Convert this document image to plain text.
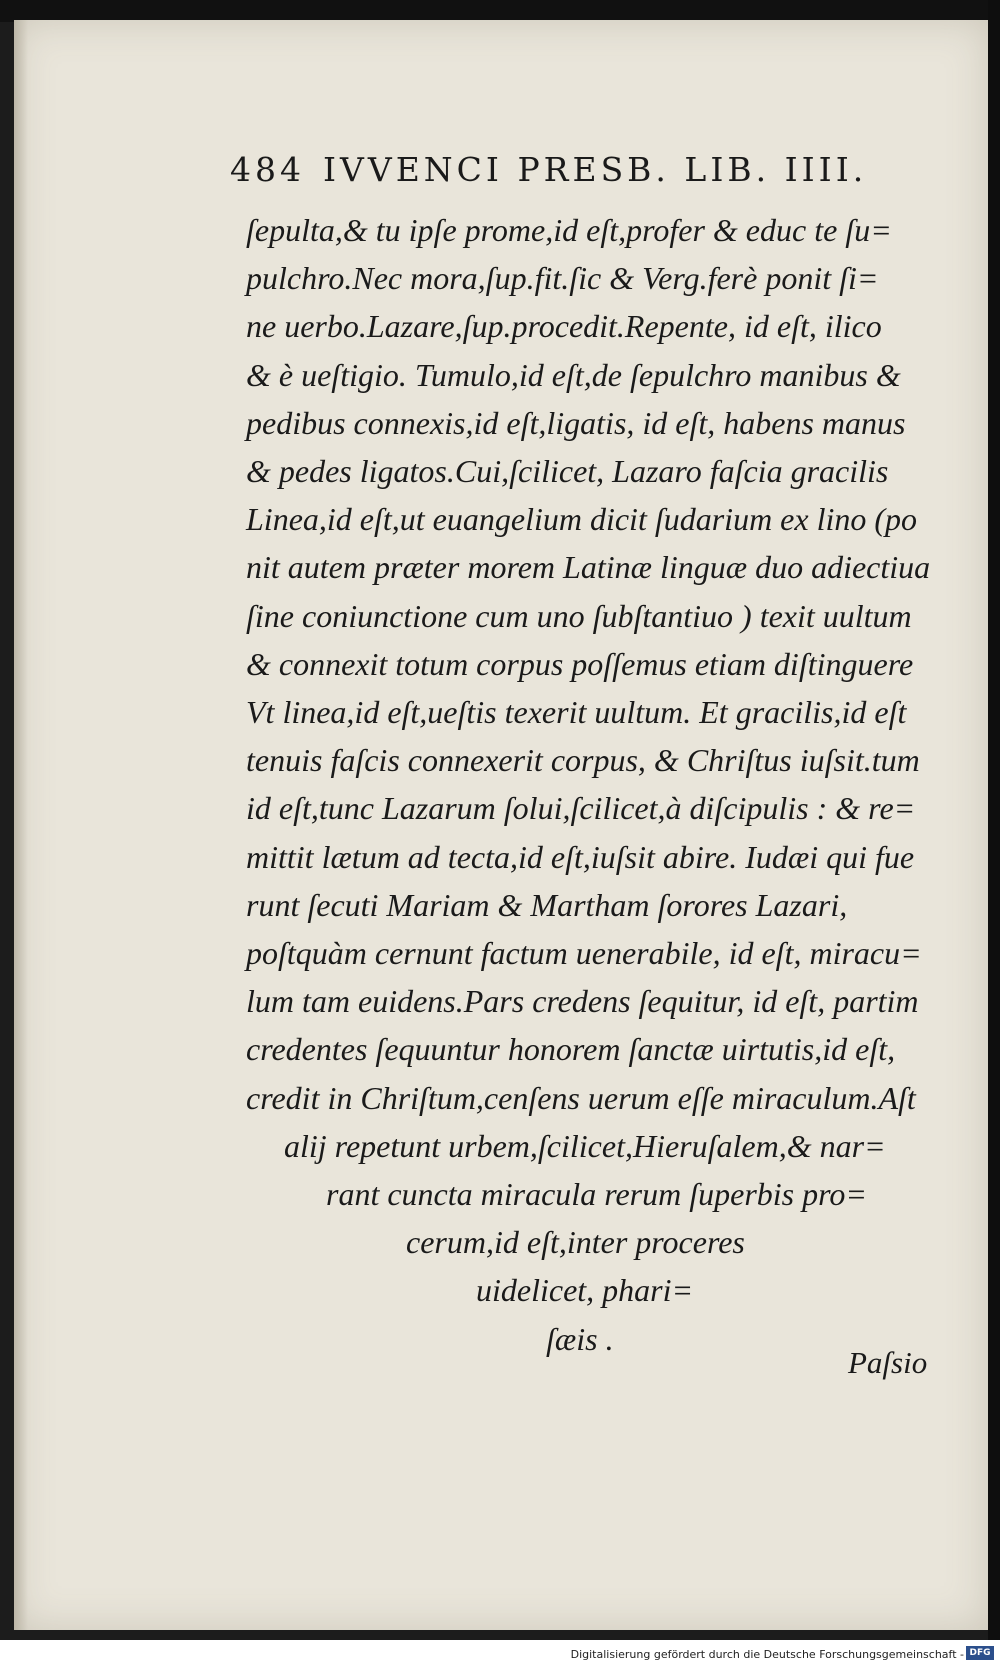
484 IVVENCI PRESB. LIB. IIII.
ſepulta,& tu ipſe prome,id eſt,profer & educ te ſu=
pulchro.Nec mora,ſup.fit.ſic & Verg.ferè ponit ſi=
ne uerbo.Lazare,ſup.procedit.Repente, id eſt, ilico
& è ueſtigio. Tumulo,id eſt,de ſepulchro manibus &
pedibus connexis,id eſt,ligatis, id eſt, habens manus
& pedes ligatos.Cui,ſcilicet, Lazaro faſcia gracilis
Linea,id eſt,ut euangelium dicit ſudarium ex lino (po
nit autem præter morem Latinæ linguæ duo adiectiua
ſine coniunctione cum uno ſubſtantiuo ) texit uultum
& connexit totum corpus poſſemus etiam diſtinguere
Vt linea,id eſt,ueſtis texerit uultum. Et gracilis,id eſt
tenuis faſcis connexerit corpus, & Chriſtus iuſsit.tum
id eſt,tunc Lazarum ſolui,ſcilicet,à diſcipulis : & re=
mittit lætum ad tecta,id eſt,iuſsit abire. Iudæi qui fue
runt ſecuti Mariam & Martham ſorores Lazari,
poſtquàm cernunt factum uenerabile, id eſt, miracu=
lum tam euidens.Pars credens ſequitur, id eſt, partim
credentes ſequuntur honorem ſanctæ uirtutis,id eſt,
credit in Chriſtum,cenſens uerum eſſe miraculum.Aſt
alij repetunt urbem,ſcilicet,Hieruſalem,& nar=
rant cuncta miracula rerum ſuperbis pro=
cerum,id eſt,inter proceres
uidelicet, phari=
ſæis .
Paſsio
Digitalisierung gefördert durch die Deutsche Forschungsgemeinschaft - DFG
